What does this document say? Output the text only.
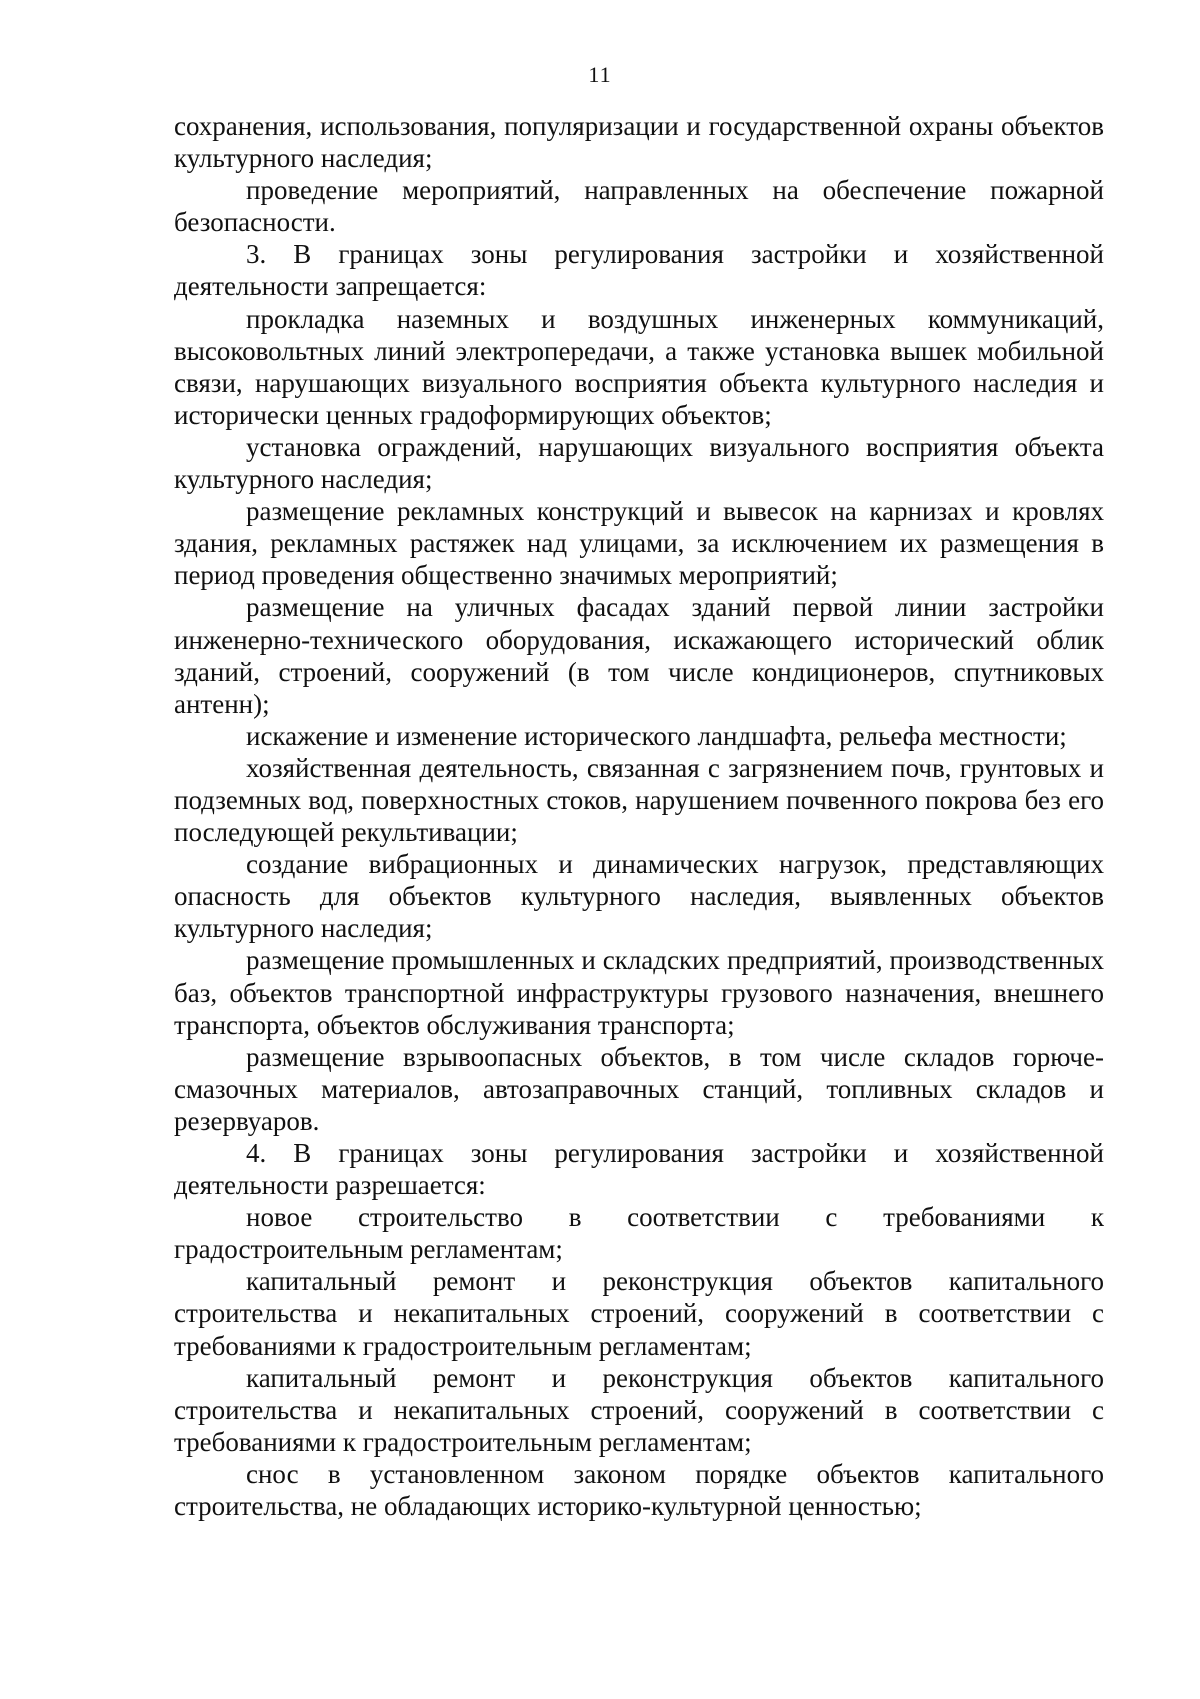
11

сохранения, использования, популяризации и государственной охраны объектов культурного наследия;

проведение мероприятий, направленных на обеспечение пожарной безопасности.

3. В границах зоны регулирования застройки и хозяйственной деятельности запрещается:

прокладка наземных и воздушных инженерных коммуникаций, высоковольтных линий электропередачи, а также установка вышек мобильной связи, нарушающих визуального восприятия объекта культурного наследия и исторически ценных градоформирующих объектов;

установка ограждений, нарушающих визуального восприятия объекта культурного наследия;

размещение рекламных конструкций и вывесок на карнизах и кровлях здания, рекламных растяжек над улицами, за исключением их размещения в период проведения общественно значимых мероприятий;

размещение на уличных фасадах зданий первой линии застройки инженерно-технического оборудования, искажающего исторический облик зданий, строений, сооружений (в том числе кондиционеров, спутниковых антенн);

искажение и изменение исторического ландшафта, рельефа местности;

хозяйственная деятельность, связанная с загрязнением почв, грунтовых и подземных вод, поверхностных стоков, нарушением почвенного покрова без его последующей рекультивации;

создание вибрационных и динамических нагрузок, представляющих опасность для объектов культурного наследия, выявленных объектов культурного наследия;

размещение промышленных и складских предприятий, производственных баз, объектов транспортной инфраструктуры грузового назначения, внешнего транспорта, объектов обслуживания транспорта;

размещение взрывоопасных объектов, в том числе складов горюче-смазочных материалов, автозаправочных станций, топливных складов и резервуаров.

4. В границах зоны регулирования застройки и хозяйственной деятельности разрешается:

новое строительство в соответствии с требованиями к градостроительным регламентам;

капитальный ремонт и реконструкция объектов капитального строительства и некапитальных строений, сооружений в соответствии с требованиями к градостроительным регламентам;

капитальный ремонт и реконструкция объектов капитального строительства и некапитальных строений, сооружений в соответствии с требованиями к градостроительным регламентам;

снос в установленном законом порядке объектов капитального строительства, не обладающих историко-культурной ценностью;
